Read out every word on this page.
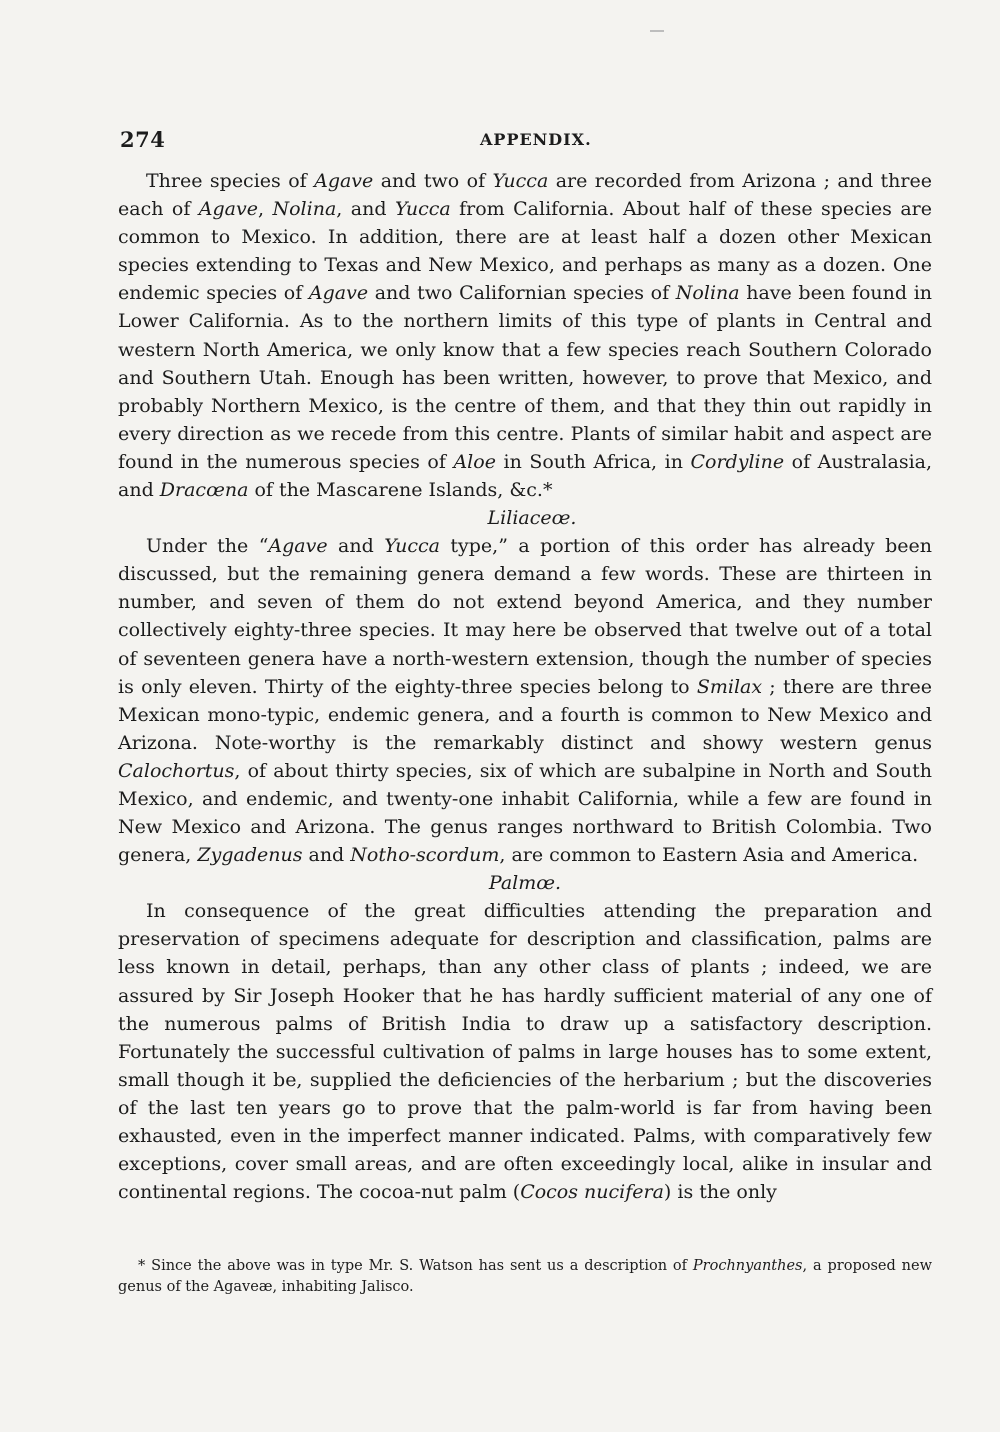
274	APPENDIX.

Three species of Agave and two of Yucca are recorded from Arizona ; and three each of Agave, Nolina, and Yucca from California. About half of these species are common to Mexico. In addition, there are at least half a dozen other Mexican species extending to Texas and New Mexico, and perhaps as many as a dozen. One endemic species of Agave and two Californian species of Nolina have been found in Lower California. As to the northern limits of this type of plants in Central and western North America, we only know that a few species reach Southern Colorado and Southern Utah. Enough has been written, however, to prove that Mexico, and probably Northern Mexico, is the centre of them, and that they thin out rapidly in every direction as we recede from this centre. Plants of similar habit and aspect are found in the numerous species of Aloe in South Africa, in Cordyline of Australasia, and Dracœna of the Mascarene Islands, &c.*

Liliaceœ.

Under the “Agave and Yucca type,” a portion of this order has already been discussed, but the remaining genera demand a few words. These are thirteen in number, and seven of them do not extend beyond America, and they number collectively eighty-three species. It may here be observed that twelve out of a total of seventeen genera have a north-western extension, though the number of species is only eleven. Thirty of the eighty-three species belong to Smilax ; there are three Mexican mono-typic, endemic genera, and a fourth is common to New Mexico and Arizona. Note-worthy is the remarkably distinct and showy western genus Calochortus, of about thirty species, six of which are subalpine in North and South Mexico, and endemic, and twenty-one inhabit California, while a few are found in New Mexico and Arizona. The genus ranges northward to British Colombia. Two genera, Zygadenus and Notho-scordum, are common to Eastern Asia and America.

Palmœ.

In consequence of the great difficulties attending the preparation and preservation of specimens adequate for description and classification, palms are less known in detail, perhaps, than any other class of plants ; indeed, we are assured by Sir Joseph Hooker that he has hardly sufficient material of any one of the numerous palms of British India to draw up a satisfactory description. Fortunately the successful cultivation of palms in large houses has to some extent, small though it be, supplied the deficiencies of the herbarium ; but the discoveries of the last ten years go to prove that the palm-world is far from having been exhausted, even in the imperfect manner indicated. Palms, with comparatively few exceptions, cover small areas, and are often exceedingly local, alike in insular and continental regions. The cocoa-nut palm (Cocos nucifera) is the only

* Since the above was in type Mr. S. Watson has sent us a description of Prochnyanthes, a proposed new genus of the Agaveæ, inhabiting Jalisco.
